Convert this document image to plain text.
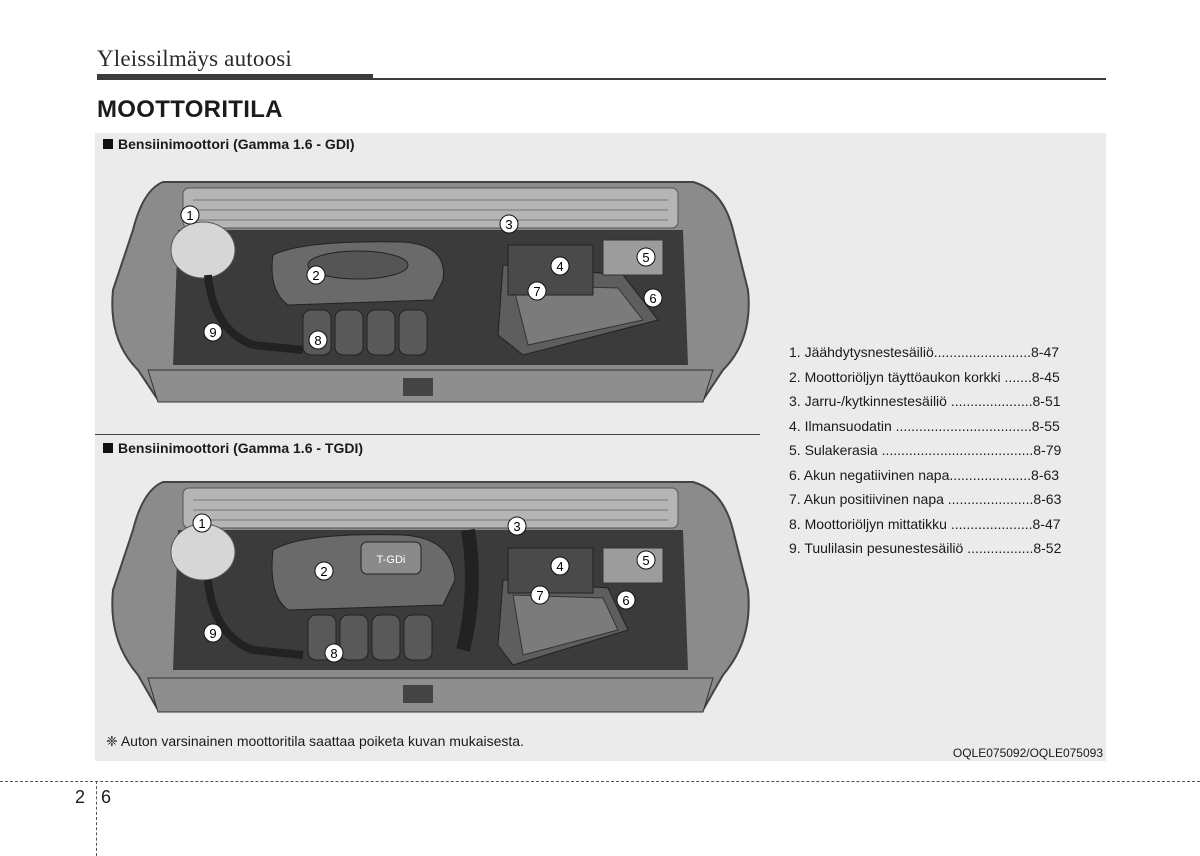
Yleissilmäys autoosi
MOOTTORITILA
Bensiinimoottori (Gamma 1.6 - GDI)
1
2
3
4
5
6
7
8
9
Bensiinimoottori (Gamma 1.6 - TGDI)
T-GDi
1
2
3
4	5
6
7
8
9
1. Jäähdytysnestesäiliö.........................8-47
2. Moottoriöljyn täyttöaukon korkki .......8-45
3. Jarru-/kytkinnestesäiliö .....................8-51
4. Ilmansuodatin ...................................8-55
5. Sulakerasia .......................................8-79
6. Akun negatiivinen napa.....................8-63
7. Akun positiivinen napa ......................8-63
8. Moottoriöljyn mittatikku .....................8-47
9. Tuulilasin pesunestesäiliö .................8-52
❈ Auton varsinainen moottoritila saattaa poiketa kuvan mukaisesta.
OQLE075092/OQLE075093
2 6
